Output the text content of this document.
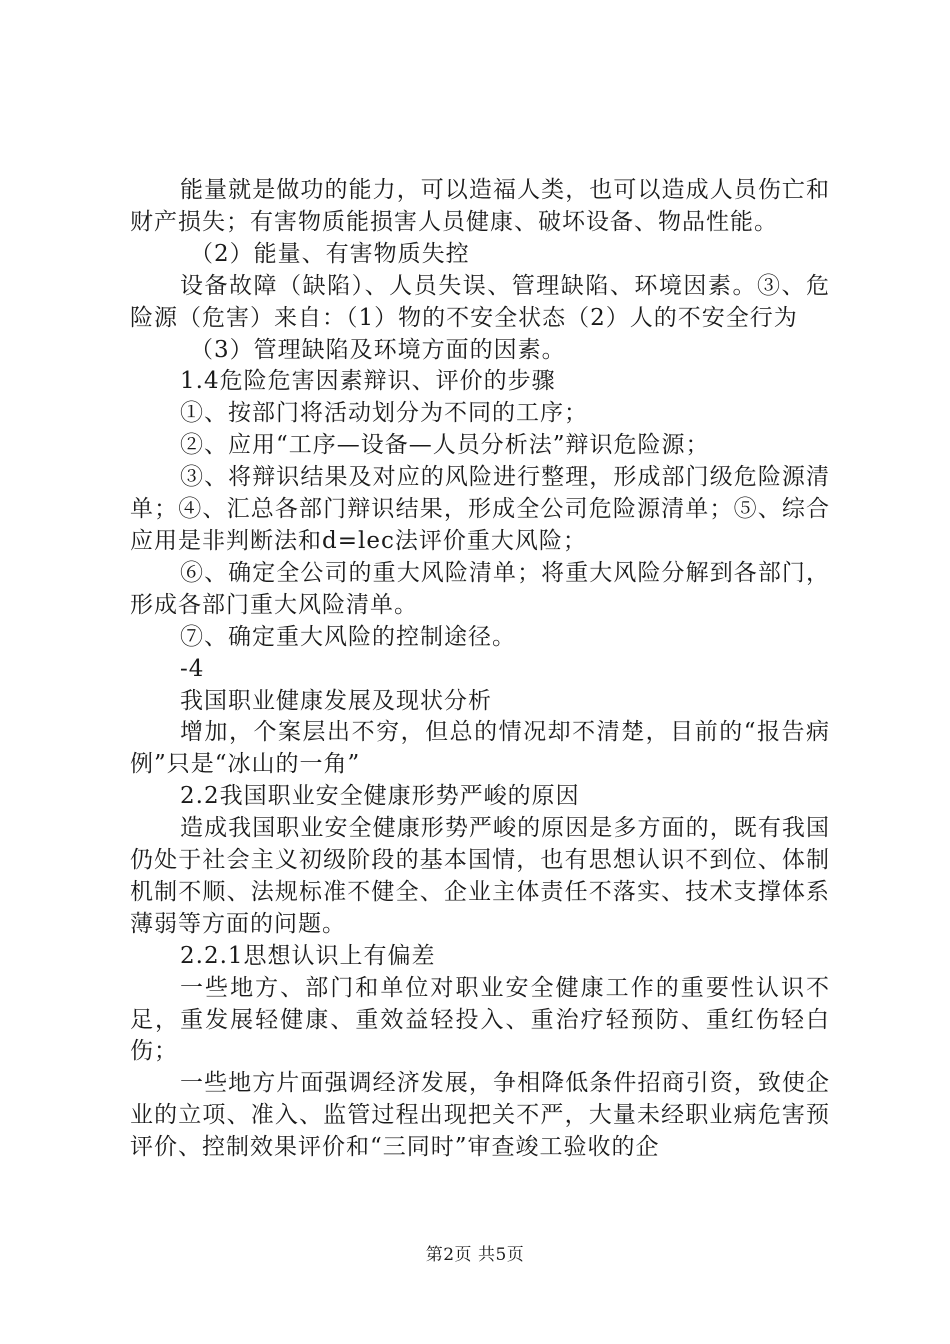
能量就是做功的能力，可以造福人类，也可以造成人员伤亡和财产损失；有害物质能损害人员健康、破坏设备、物品性能。

（2）能量、有害物质失控

设备故障（缺陷）、人员失误、管理缺陷、环境因素。③、危险源（危害）来自：（1）物的不安全状态（2）人的不安全行为

（3）管理缺陷及环境方面的因素。

1.4危险危害因素辩识、评价的步骤

①、按部门将活动划分为不同的工序；

②、应用“工序—设备—人员分析法”辩识危险源；

③、将辩识结果及对应的风险进行整理，形成部门级危险源清单；④、汇总各部门辩识结果，形成全公司危险源清单；⑤、综合应用是非判断法和d=lec法评价重大风险；

⑥、确定全公司的重大风险清单；将重大风险分解到各部门，形成各部门重大风险清单。

⑦、确定重大风险的控制途径。

-4

我国职业健康发展及现状分析

增加，个案层出不穷，但总的情况却不清楚，目前的“报告病例”只是“冰山的一角”

2.2我国职业安全健康形势严峻的原因

造成我国职业安全健康形势严峻的原因是多方面的，既有我国仍处于社会主义初级阶段的基本国情，也有思想认识不到位、体制机制不顺、法规标准不健全、企业主体责任不落实、技术支撑体系薄弱等方面的问题。

2.2.1思想认识上有偏差

一些地方、部门和单位对职业安全健康工作的重要性认识不足，重发展轻健康、重效益轻投入、重治疗轻预防、重红伤轻白伤；

一些地方片面强调经济发展，争相降低条件招商引资，致使企业的立项、准入、监管过程出现把关不严，大量未经职业病危害预评价、控制效果评价和“三同时”审查竣工验收的企

第2页 共5页
